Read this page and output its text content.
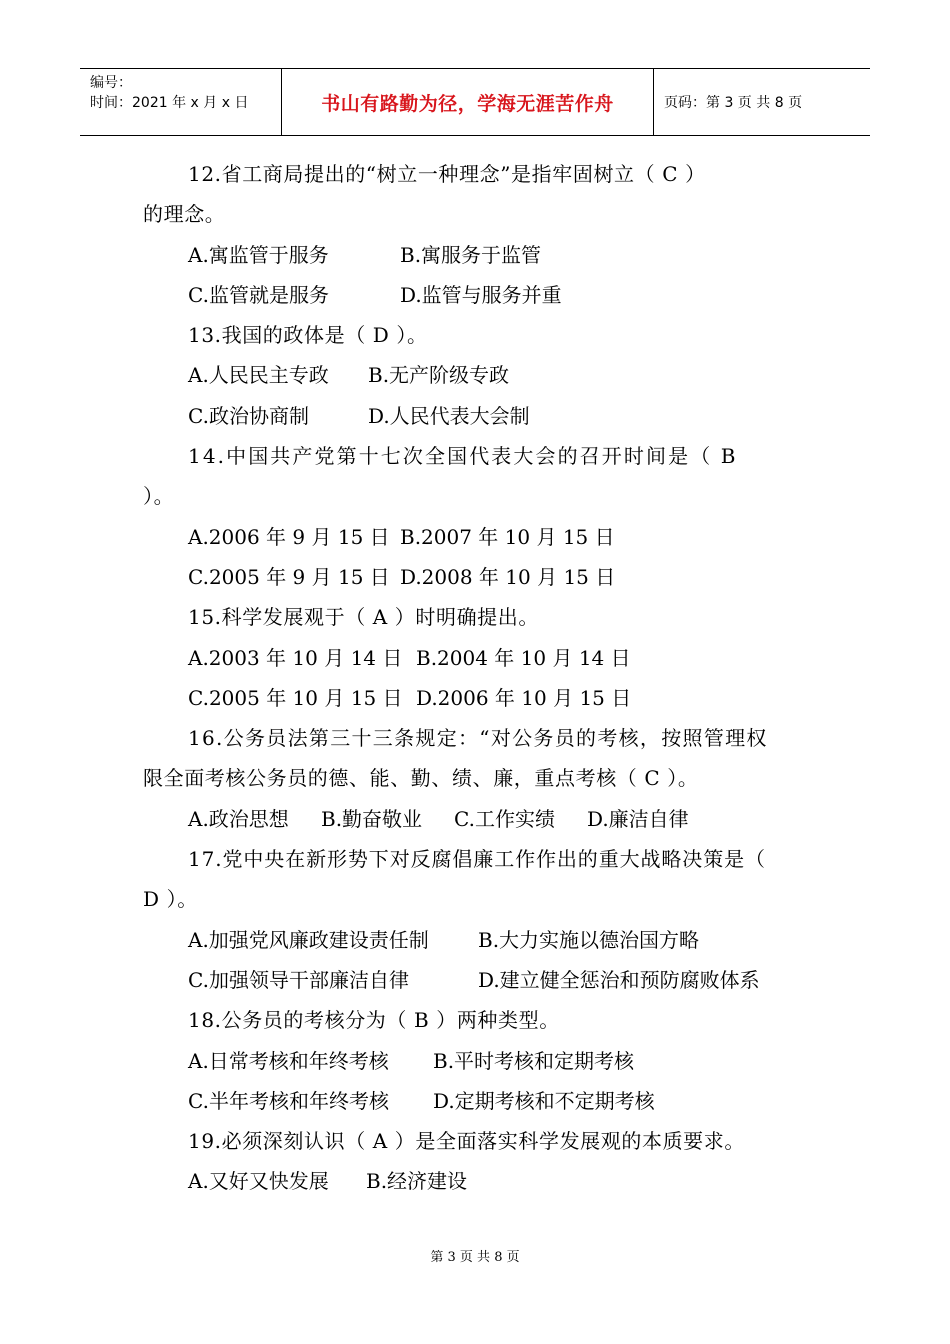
编号：
时间：2021 年 x 月 x 日	书山有路勤为径，学海无涯苦作舟	页码：第 3 页 共 8 页
12.省工商局提出的“树立一种理念”是指牢固树立（ C ）
的理念。
A.寓监管于服务	B.寓服务于监管
C.监管就是服务	D.监管与服务并重
13.我国的政体是（ D ）。
A.人民民主专政 B.无产阶级专政
C.政治协商制	D.人民代表大会制
14.中国共产党第十七次全国代表大会的召开时间是（ B
）。
A.2006 年 9 月 15 日 B.2007 年 10 月 15 日
C.2005 年 9 月 15 日 D.2008 年 10 月 15 日
15.科学发展观于（ A ）时明确提出。
A.2003 年 10 月 14 日 B.2004 年 10 月 14 日
C.2005 年 10 月 15 日 D.2006 年 10 月 15 日
16.公务员法第三十三条规定：“对公务员的考核，按照管理权
限全面考核公务员的德、能、勤、绩、廉，重点考核（ C ）。
A.政治思想 B.勤奋敬业 C.工作实绩 D.廉洁自律
17.党中央在新形势下对反腐倡廉工作作出的重大战略决策是（
D ）。
A.加强党风廉政建设责任制 B.大力实施以德治国方略
C.加强领导干部廉洁自律	D.建立健全惩治和预防腐败体系
18.公务员的考核分为（ B ）两种类型。
A.日常考核和年终考核 B.平时考核和定期考核
C.半年考核和年终考核 D.定期考核和不定期考核
19.必须深刻认识（ A ）是全面落实科学发展观的本质要求。
A.又好又快发展 B.经济建设
第 3 页 共 8 页
